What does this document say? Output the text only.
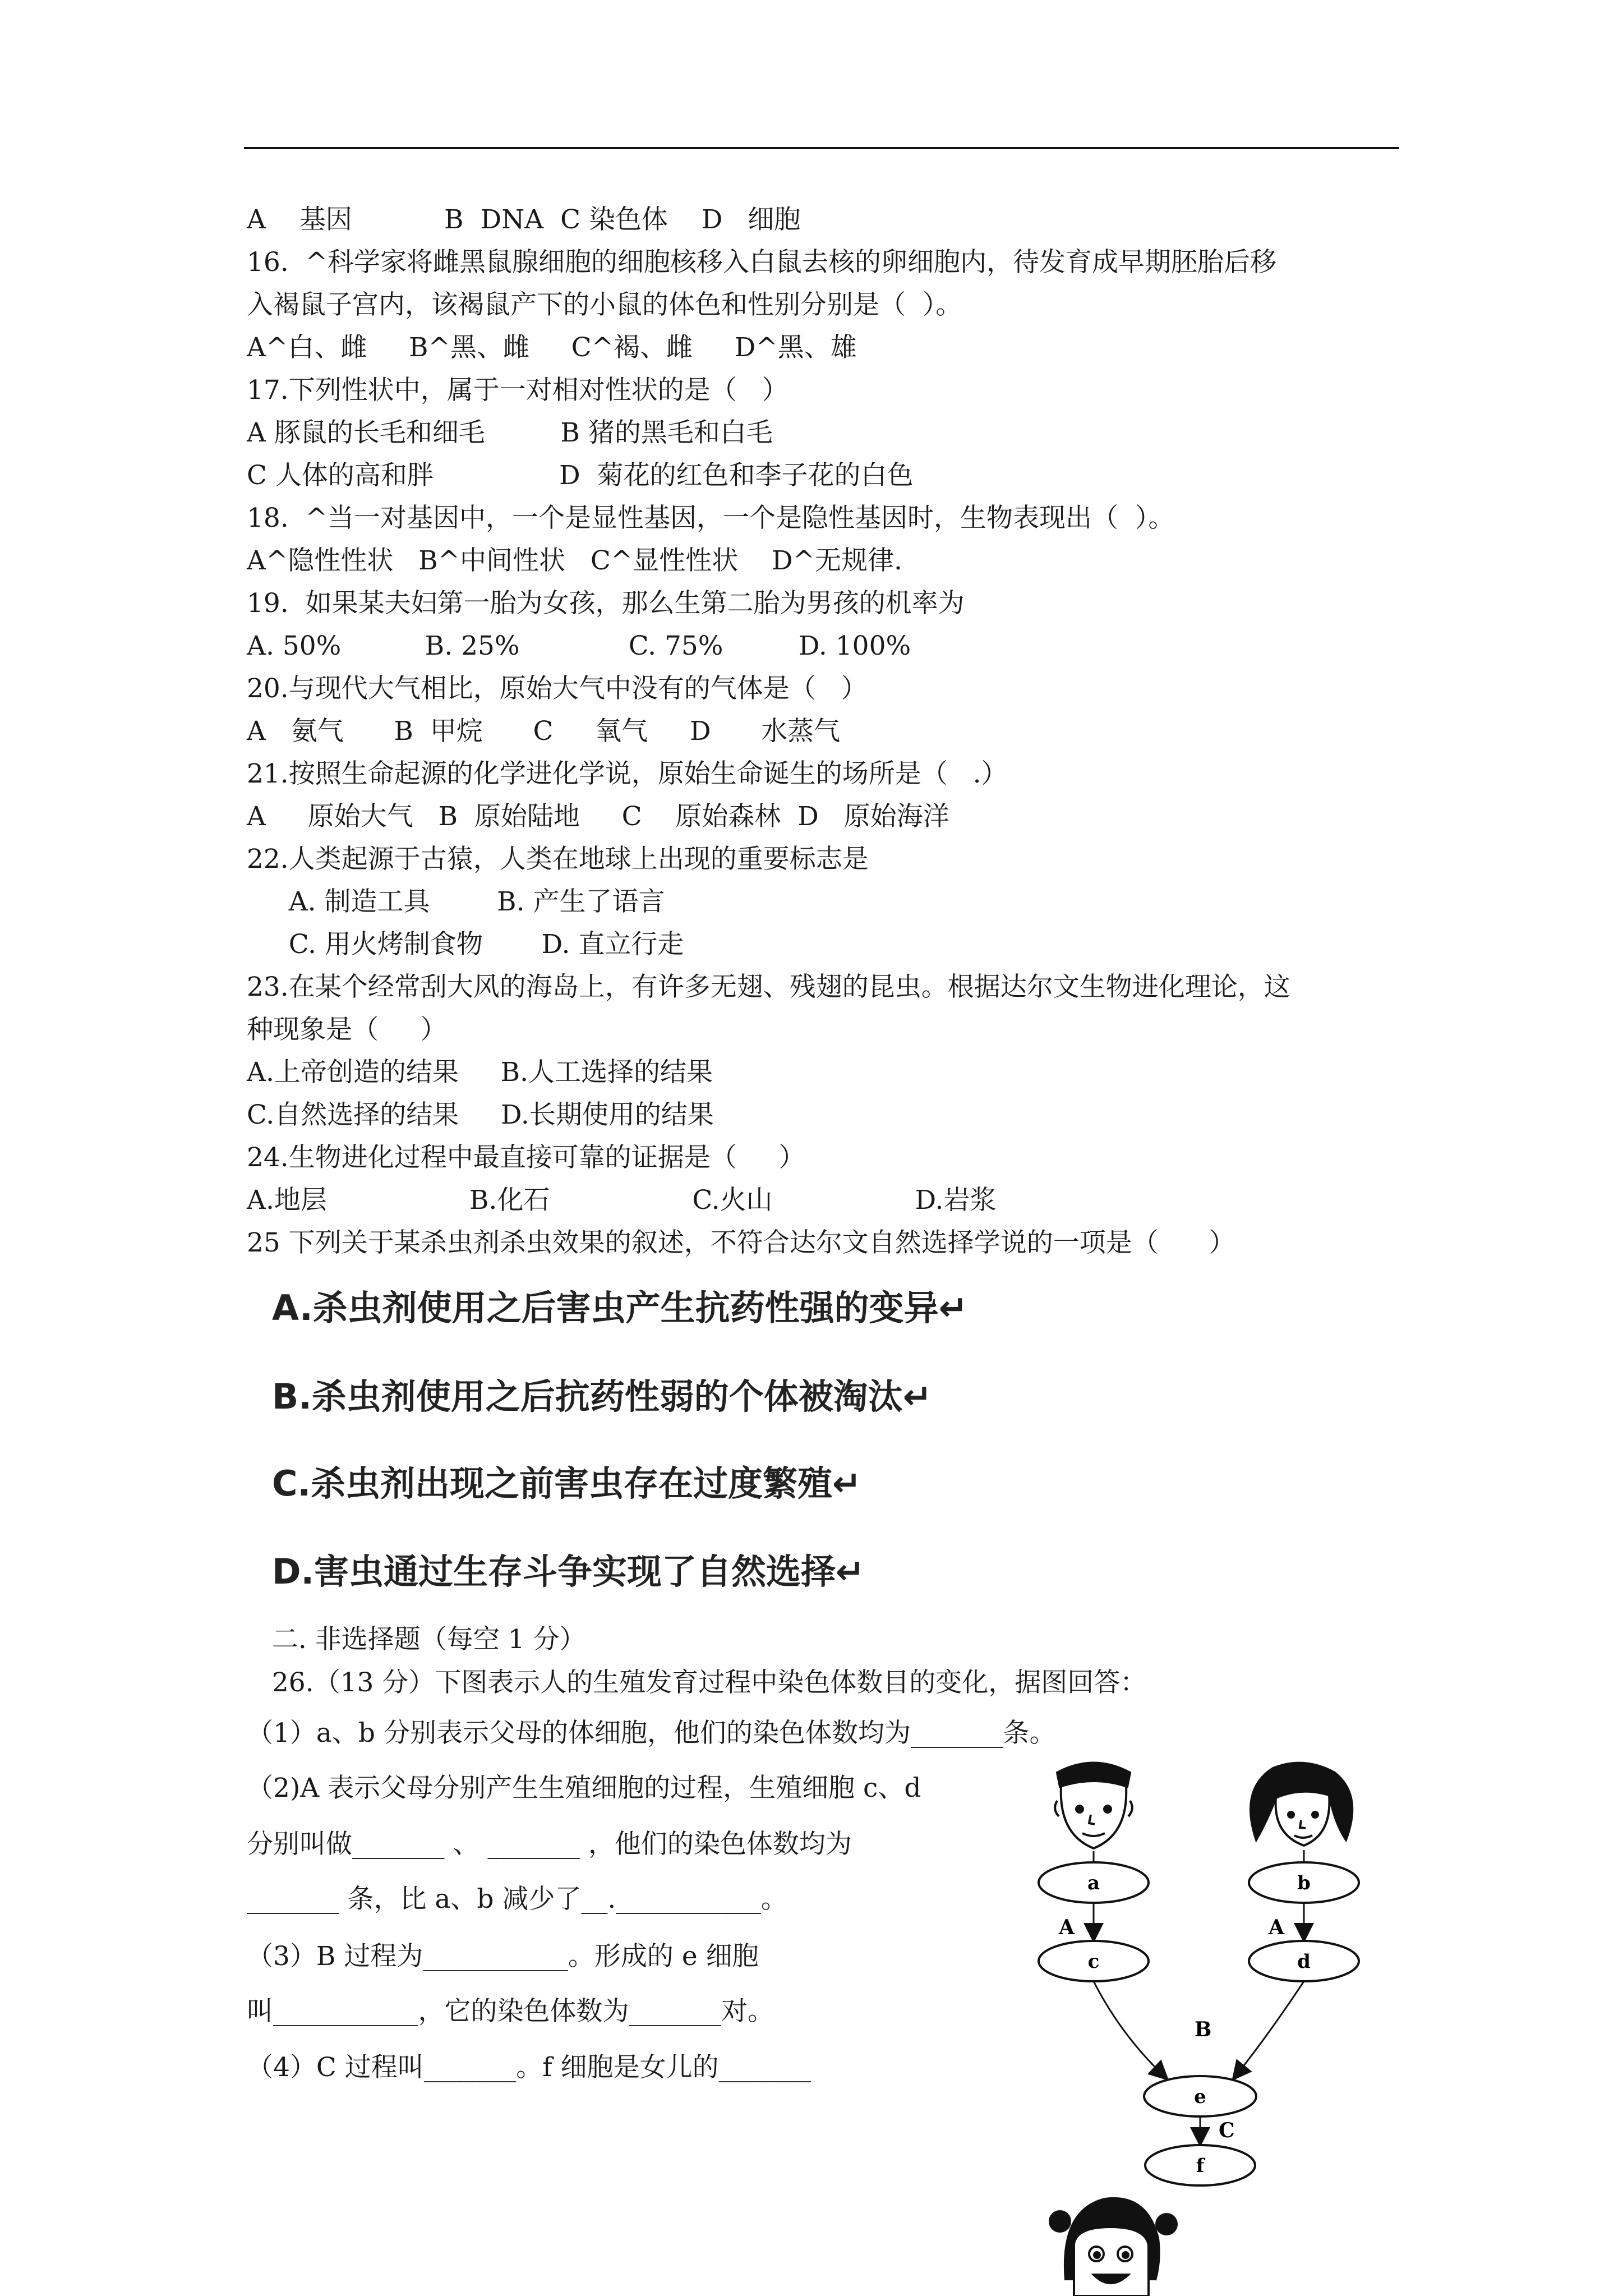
A    基因           B  DNA  C 染色体    D   细胞
16.  ^科学家将雌黑鼠腺细胞的细胞核移入白鼠去核的卵细胞内，待发育成早期胚胎后移
入褐鼠子宫内，该褐鼠产下的小鼠的体色和性别分别是（  ）。
A^白、雌     B^黑、雌     C^褐、雌     D^黑、雄
17.下列性状中，属于一对相对性状的是（   ）
A 豚鼠的长毛和细毛         B 猪的黑毛和白毛
C 人体的高和胖               D  菊花的红色和李子花的白色
18.  ^当一对基因中，一个是显性基因，一个是隐性基因时，生物表现出（  ）。
A^隐性性状   B^中间性状   C^显性性状    D^无规律.
19.  如果某夫妇第一胎为女孩，那么生第二胎为男孩的机率为
A. 50%          B. 25%             C. 75%         D. 100%
20.与现代大气相比，原始大气中没有的气体是（   ）
A   氨气      B  甲烷      C     氧气     D      水蒸气
21.按照生命起源的化学进化学说，原始生命诞生的场所是（   .）
A     原始大气   B  原始陆地     C    原始森林  D   原始海洋
22.人类起源于古猿，人类在地球上出现的重要标志是
A. 制造工具        B. 产生了语言
C. 用火烤制食物       D. 直立行走
23.在某个经常刮大风的海岛上，有许多无翅、残翅的昆虫。根据达尔文生物进化理论，这
种现象是（     ）
A.上帝创造的结果     B.人工选择的结果
C.自然选择的结果     D.长期使用的结果
24.生物进化过程中最直接可靠的证据是（     ）
A.地层                 B.化石                 C.火山                 D.岩浆
25 下列关于某杀虫剂杀虫效果的叙述，不符合达尔文自然选择学说的一项是（      ）
A.杀虫剂使用之后害虫产生抗药性强的变异↵
B.杀虫剂使用之后抗药性弱的个体被淘汰↵
C.杀虫剂出现之前害虫存在过度繁殖↵
D.害虫通过生存斗争实现了自然选择↵
二. 非选择题（每空 1 分）
26.（13 分）下图表示人的生殖发育过程中染色体数目的变化，据图回答：
（1）a、b 分别表示父母的体细胞，他们的染色体数均为_______条。
（2)A 表示父母分别产生生殖细胞的过程，生殖细胞 c、d
分别叫做_______ 、 _______ ，他们的染色体数均为
_______ 条，比 a、b 减少了__.___________。
（3）B 过程为___________。形成的 e 细胞
叫___________，它的染色体数为_______对。
（4）C 过程叫_______。f 细胞是女儿的_______
a	b
c	d
e
f
A	A
B
C
